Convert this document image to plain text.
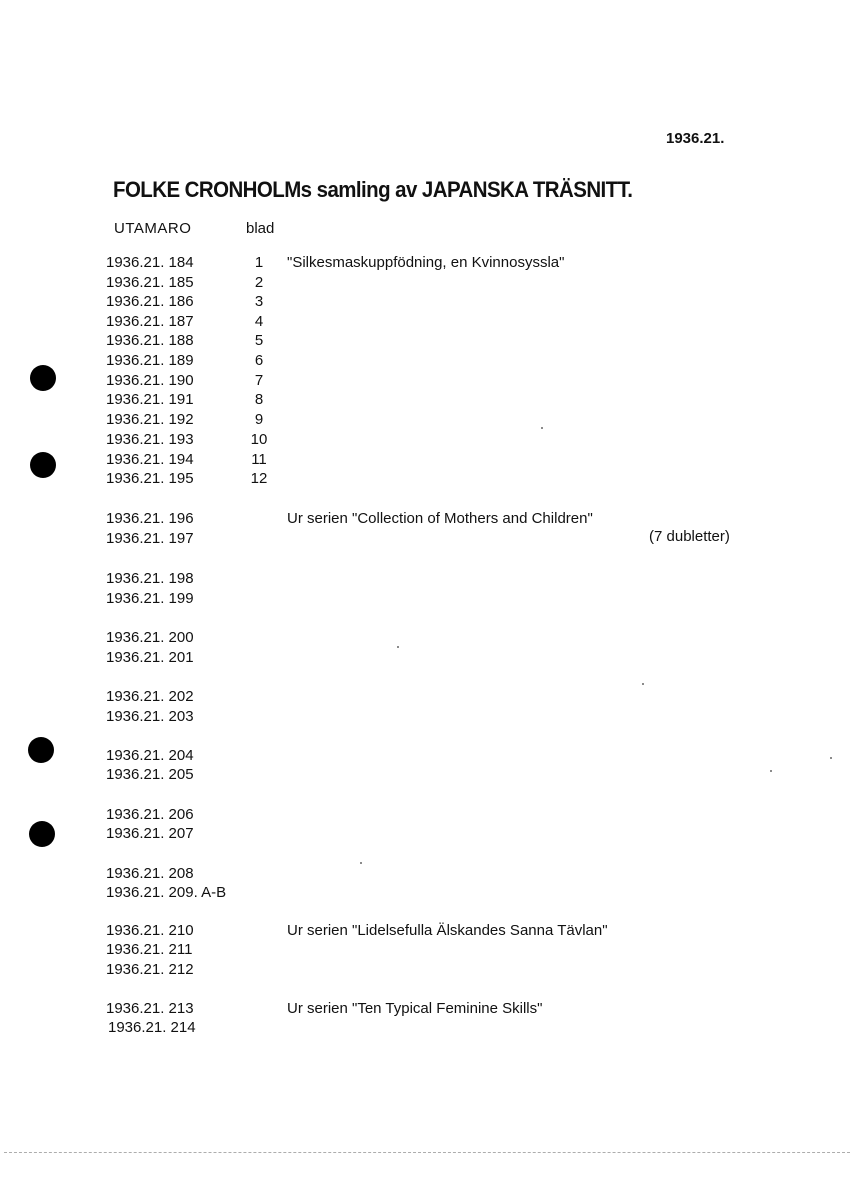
1936.21.
FOLKE CRONHOLMs samling av JAPANSKA TRÄSNITT.
UTAMARO	blad
1936.21. 184	1	"Silkesmaskuppfödning, en Kvinnosyssla"
1936.21. 185	2
1936.21. 186	3
1936.21. 187	4
1936.21. 188	5
1936.21. 189	6
1936.21. 190	7
1936.21. 191	8
1936.21. 192	9
1936.21. 193	10
1936.21. 194	11
1936.21. 195	12
1936.21. 196	Ur serien "Collection of Mothers and Children"
1936.21. 197	(7 dubletter)
1936.21. 198
1936.21. 199
1936.21. 200
1936.21. 201
1936.21. 202
1936.21. 203
1936.21. 204
1936.21. 205
1936.21. 206
1936.21. 207
1936.21. 208
1936.21. 209. A-B
1936.21. 210	Ur serien "Lidelsefulla Älskandes Sanna Tävlan"
1936.21. 211
1936.21. 212
1936.21. 213	Ur serien "Ten Typical Feminine Skills"
1936.21. 214
